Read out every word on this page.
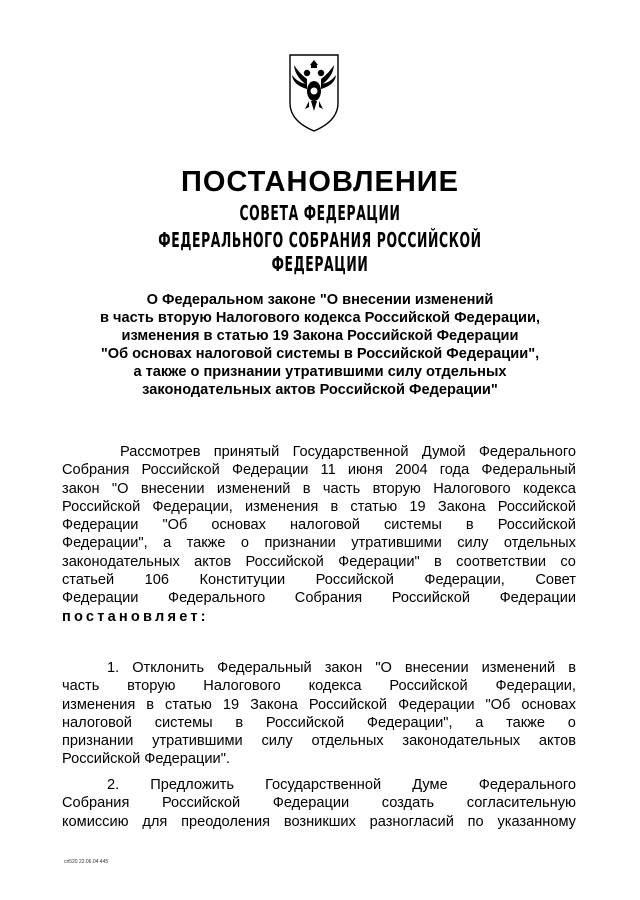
ПОСТАНОВЛЕНИЕ
СОВЕТА ФЕДЕРАЦИИ
ФЕДЕРАЛЬНОГО СОБРАНИЯ РОССИЙСКОЙ ФЕДЕРАЦИИ
О Федеральном законе "О внесении изменений
в часть вторую Налогового кодекса Российской Федерации,
изменения в статью 19 Закона Российской Федерации
"Об основах налоговой системы в Российской Федерации",
а также о признании утратившими силу отдельных
законодательных актов Российской Федерации"
Рассмотрев принятый Государственной Думой Федерального
Собрания Российской Федерации 11 июня 2004 года Федеральный
закон "О внесении изменений в часть вторую Налогового кодекса
Российской Федерации, изменения в статью 19 Закона Российской
Федерации "Об основах налоговой системы в Российской
Федерации", а также о признании утратившими силу отдельных
законодательных актов Российской Федерации" в соответствии со
статьей 106 Конституции Российской Федерации, Совет
Федерации Федерального Собрания Российской Федерации
постановляет:
1. Отклонить Федеральный закон "О внесении изменений в
часть вторую Налогового кодекса Российской Федерации,
изменения в статью 19 Закона Российской Федерации "Об основах
налоговой системы в Российской Федерации", а также о
признании утратившими силу отдельных законодательных актов
Российской Федерации".
2. Предложить Государственной Думе Федерального
Собрания Российской Федерации создать согласительную
комиссию для преодоления возникших разногласий по указанному
сп520 22.06.04 445
